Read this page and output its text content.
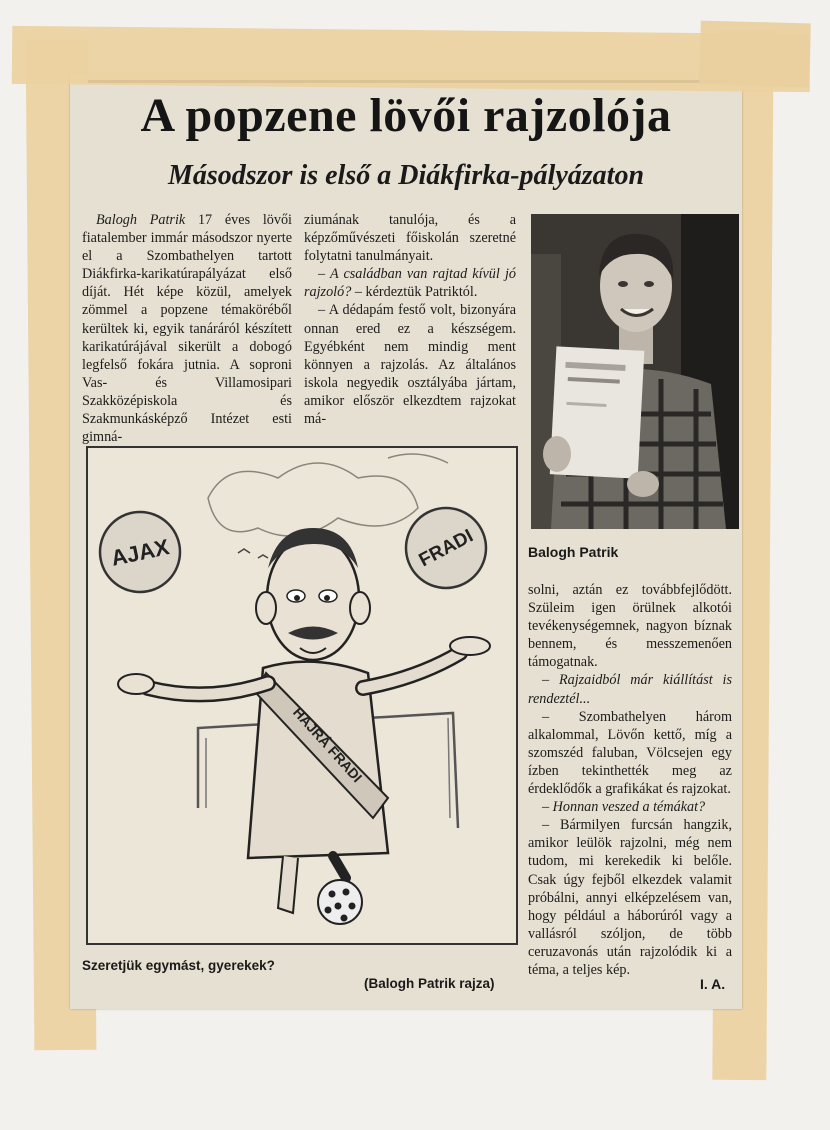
A popzene lövői rajzolója
Másodszor is első a Diákfirka-pályázaton

Balogh Patrik 17 éves lövői fiatalember immár másodszor nyerte el a Szombathelyen tartott Diákfirka-karikatúrapályázat első díját. Hét képe közül, amelyek zömmel a popzene témaköréből kerültek ki, egyik tanáráról készített karikatúrájával sikerült a dobogó legfelső fokára jutnia. A soproni Vas- és Villamosipari Szakközépiskola és Szakmunkásképző Intézet esti gimná-

ziumának tanulója, és a képzőművészeti főiskolán szeretné folytatni tanulmányait.

– A családban van rajtad kívül jó rajzoló? – kérdeztük Patriktól.

– A dédapám festő volt, bizonyára onnan ered ez a készségem. Egyébként nem mindig ment könnyen a rajzolás. Az általános iskola negyedik osztályába jártam, amikor először elkezdtem rajzokat má-

Balogh Patrik
AJAX	FRADI
HAJRÁ FRADI

solni, aztán ez továbbfejlődött. Szüleim igen örülnek alkotói tevékenységemnek, nagyon bíznak bennem, és messzemenően támogatnak.

– Rajzaidból már kiállítást is rendeztél...

– Szombathelyen három alkalommal, Lövőn kettő, míg a szomszéd faluban, Völcsejen egy ízben tekinthették meg az érdeklődők a grafikákat és rajzokat.

– Honnan veszed a témákat?

– Bármilyen furcsán hangzik, amikor leülök rajzolni, még nem tudom, mi kerekedik ki belőle. Csak úgy fejből elkezdek valamit próbálni, annyi elképzelésem van, hogy például a háborúról vagy a vallásról szóljon, de több ceruzavonás után rajzolódik ki a téma, a teljes kép.

Szeretjük egymást, gyerekek?
(Balogh Patrik rajza)	I. A.
